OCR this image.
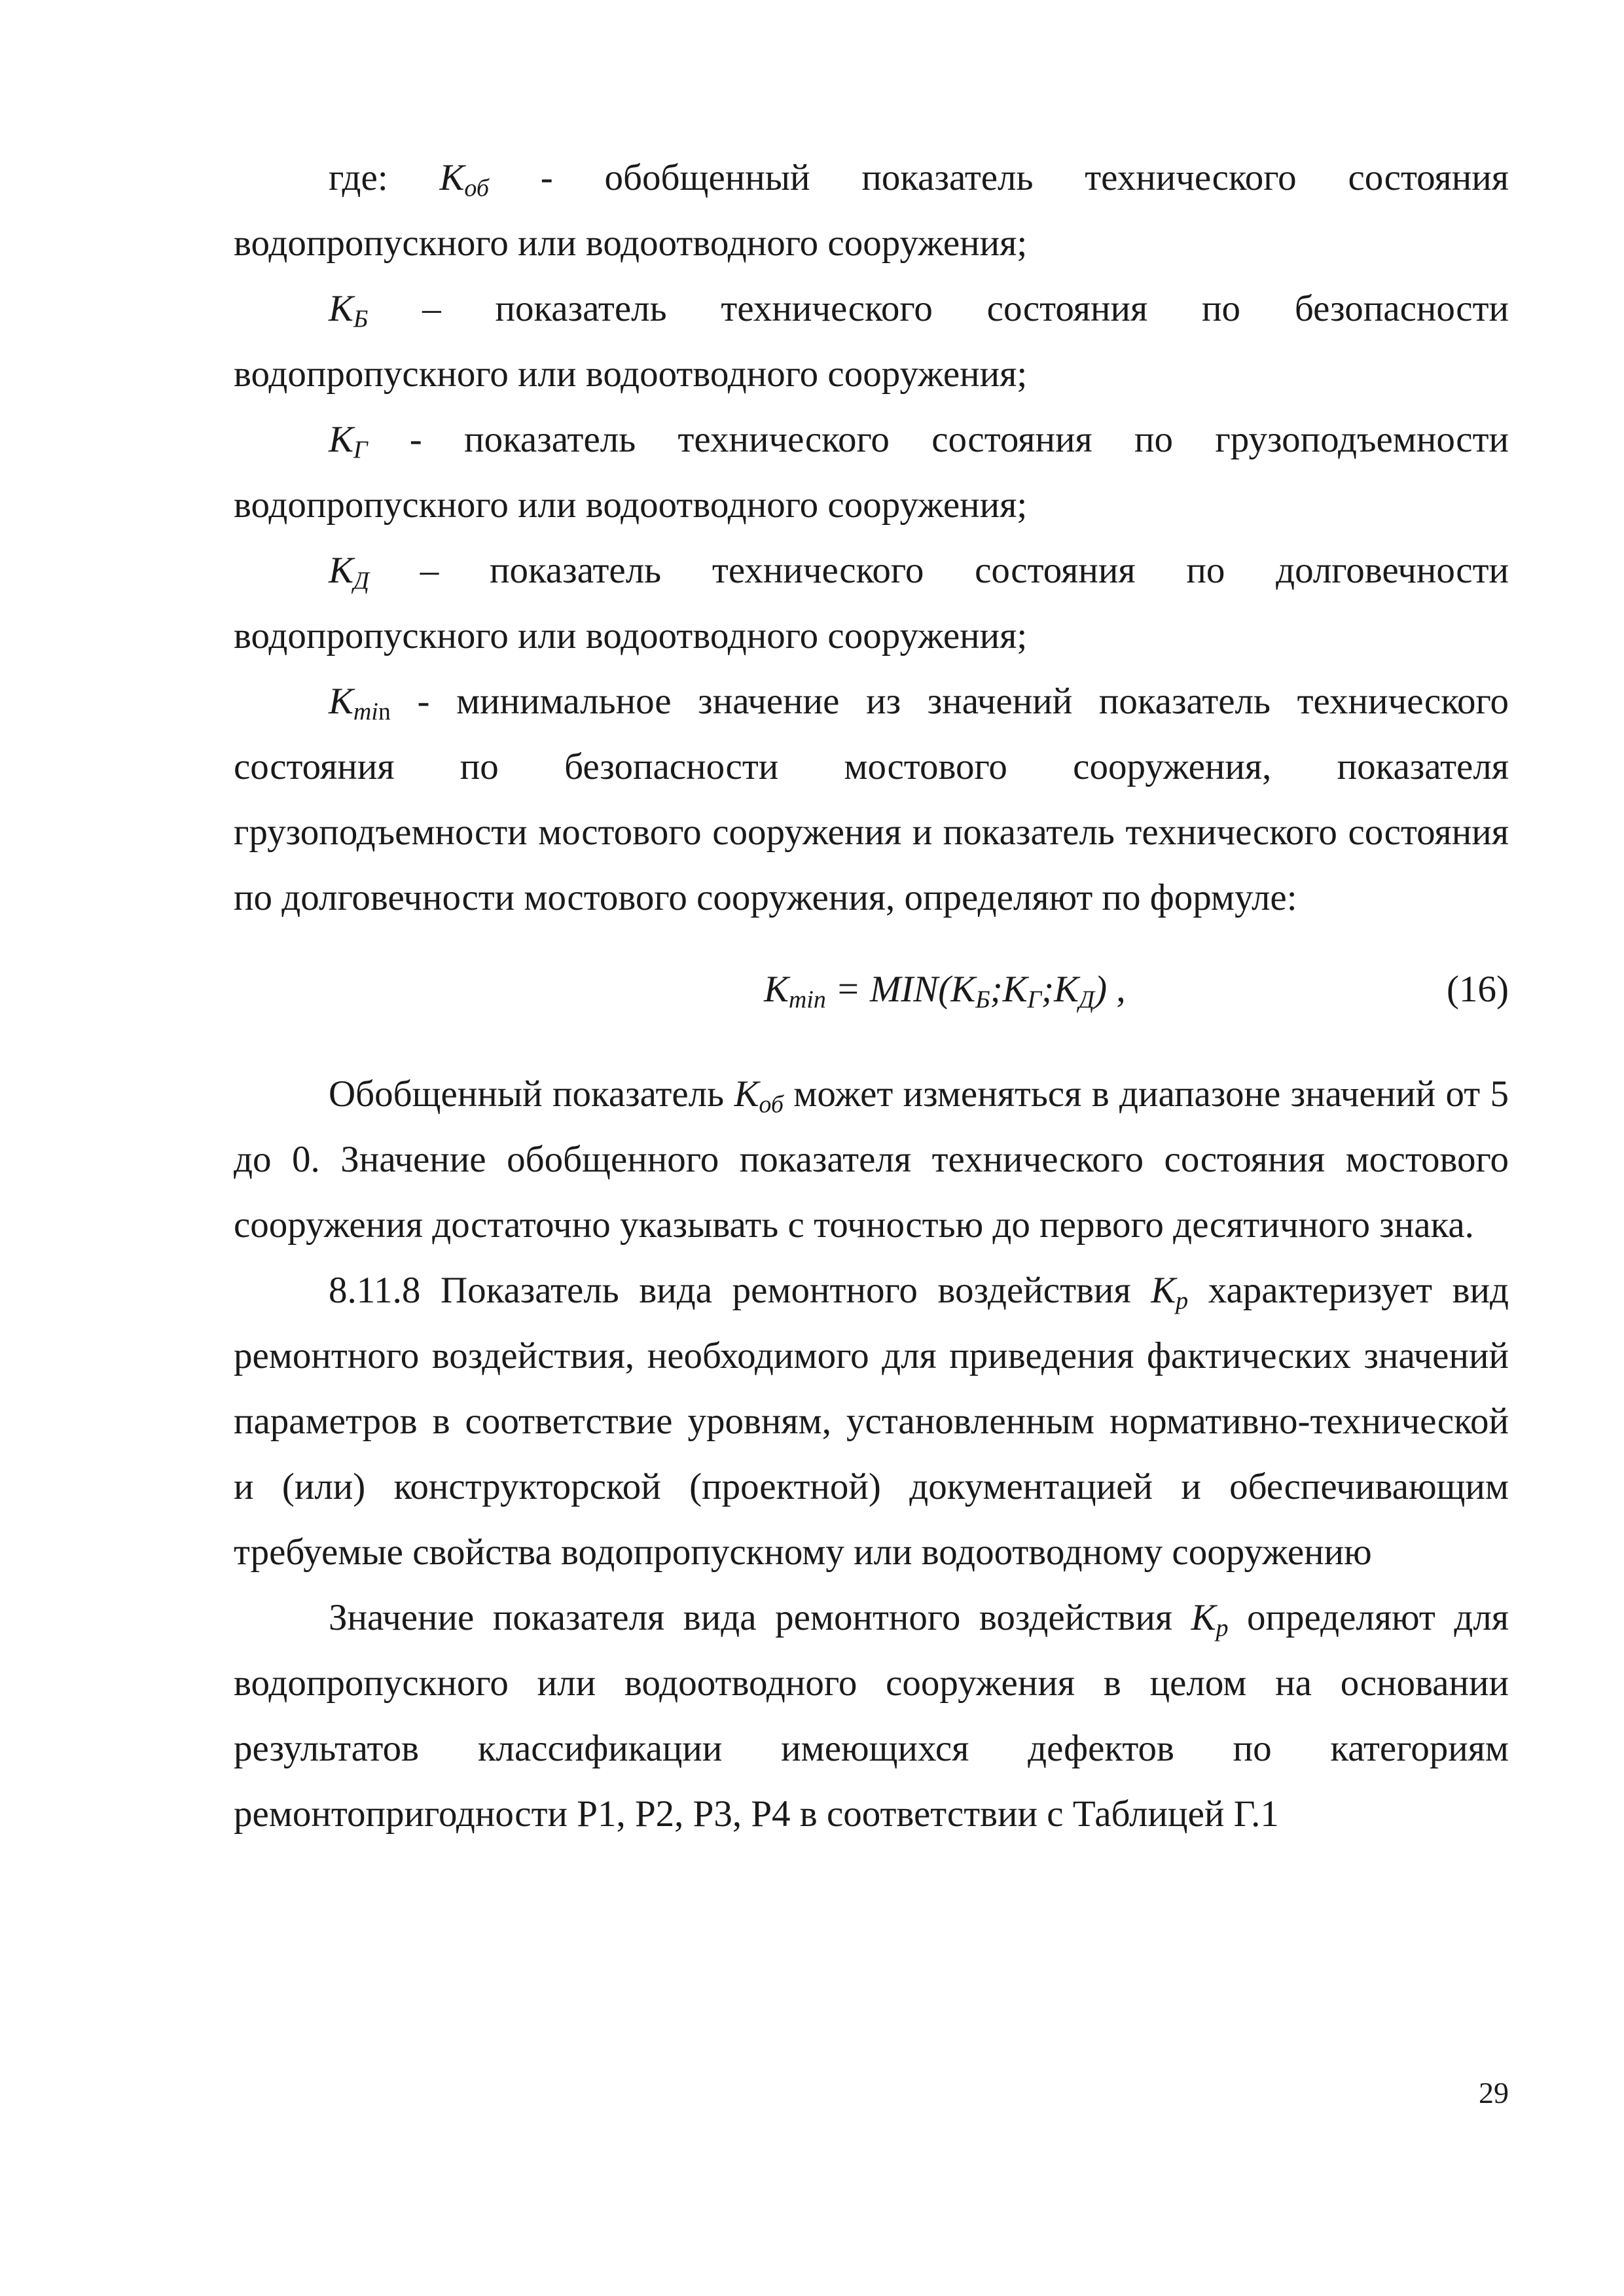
где: $К_{об}$ - обобщенный показатель технического состояния водопропускного или водоотводного сооружения;

$К_Б$ – показатель технического состояния по безопасности водопропускного или водоотводного сооружения;

$К_Г$ - показатель технического состояния по грузоподъемности водопропускного или водоотводного сооружения;

$К_Д$ – показатель технического состояния по долговечности водопропускного или водоотводного сооружения;

$К_{min}$ - минимальное значение из значений показатель технического состояния по безопасности мостового сооружения, показателя грузоподъемности мостового сооружения и показатель технического состояния по долговечности мостового сооружения, определяют по формуле:

$К_{min}$ = $MIN(К_Б;К_Г;К_Д)$ ,	(16)

Обобщенный показатель $К_{об}$ может изменяться в диапазоне значений от 5 до 0. Значение обобщенного показателя технического состояния мостового сооружения достаточно указывать с точностью до первого десятичного знака.

8.11.8 Показатель вида ремонтного воздействия $К_р$ характеризует вид ремонтного воздействия, необходимого для приведения фактических значений параметров в соответствие уровням, установленным нормативно-технической и (или) конструкторской (проектной) документацией и обеспечивающим требуемые свойства водопропускному или водоотводному сооружению

Значение показателя вида ремонтного воздействия $К_р$ определяют для водопропускного или водоотводного сооружения в целом на основании результатов классификации имеющихся дефектов по категориям ремонтопригодности Р1, Р2, Р3, Р4 в соответствии с Таблицей Г.1

29
